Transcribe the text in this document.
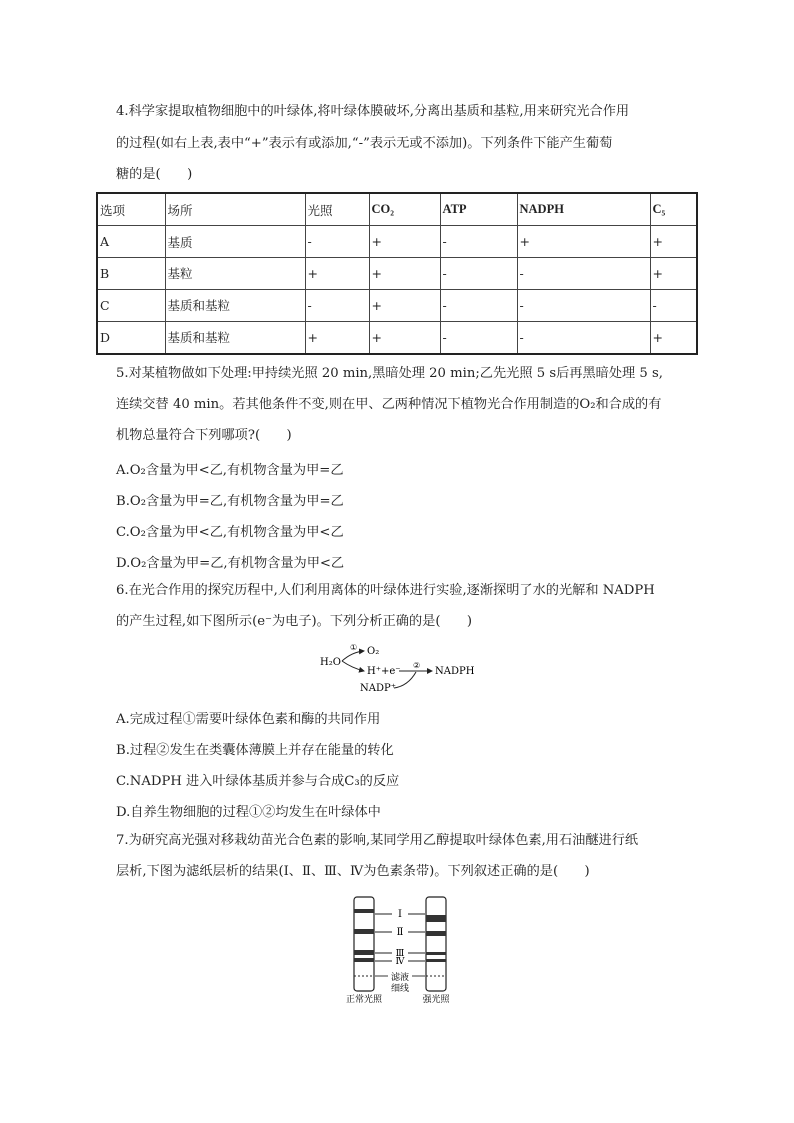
4.科学家提取植物细胞中的叶绿体,将叶绿体膜破坏,分离出基质和基粒,用来研究光合作用
的过程(如右上表,表中“+”表示有或添加,“-”表示无或不添加)。下列条件下能产生葡萄
糖的是(　　)
选项	场所	光照	CO₂	ATP	NADPH	C₅
A	基质	-	+	-	+	+
B	基粒	+	+	-	-	+
C	基质和基粒	-	+	-	-	-
D	基质和基粒	+	+	-	-	+
5.对某植物做如下处理:甲持续光照 20 min,黑暗处理 20 min;乙先光照 5 s后再黑暗处理 5 s,
连续交替 40 min。若其他条件不变,则在甲、乙两种情况下植物光合作用制造的O₂和合成的有
机物总量符合下列哪项?(　　)
A.O₂含量为甲<乙,有机物含量为甲=乙
B.O₂含量为甲=乙,有机物含量为甲=乙
C.O₂含量为甲<乙,有机物含量为甲<乙
D.O₂含量为甲=乙,有机物含量为甲<乙
6.在光合作用的探究历程中,人们利用离体的叶绿体进行实验,逐渐探明了水的光解和 NADPH
的产生过程,如下图所示(e⁻为电子)。下列分析正确的是(　　)
H₂O
① O₂
H⁺+e⁻
②
NADPH
NADP⁺
A.完成过程①需要叶绿体色素和酶的共同作用
B.过程②发生在类囊体薄膜上并存在能量的转化
C.NADPH 进入叶绿体基质并参与合成C₃的反应
D.自养生物细胞的过程①②均发生在叶绿体中
7.为研究高光强对移栽幼苗光合色素的影响,某同学用乙醇提取叶绿体色素,用石油醚进行纸
层析,下图为滤纸层析的结果(Ⅰ、Ⅱ、Ⅲ、Ⅳ为色素条带)。下列叙述正确的是(　　)
Ⅰ
Ⅱ
Ⅲ
Ⅳ
滤液
细线
正常光照	强光照
